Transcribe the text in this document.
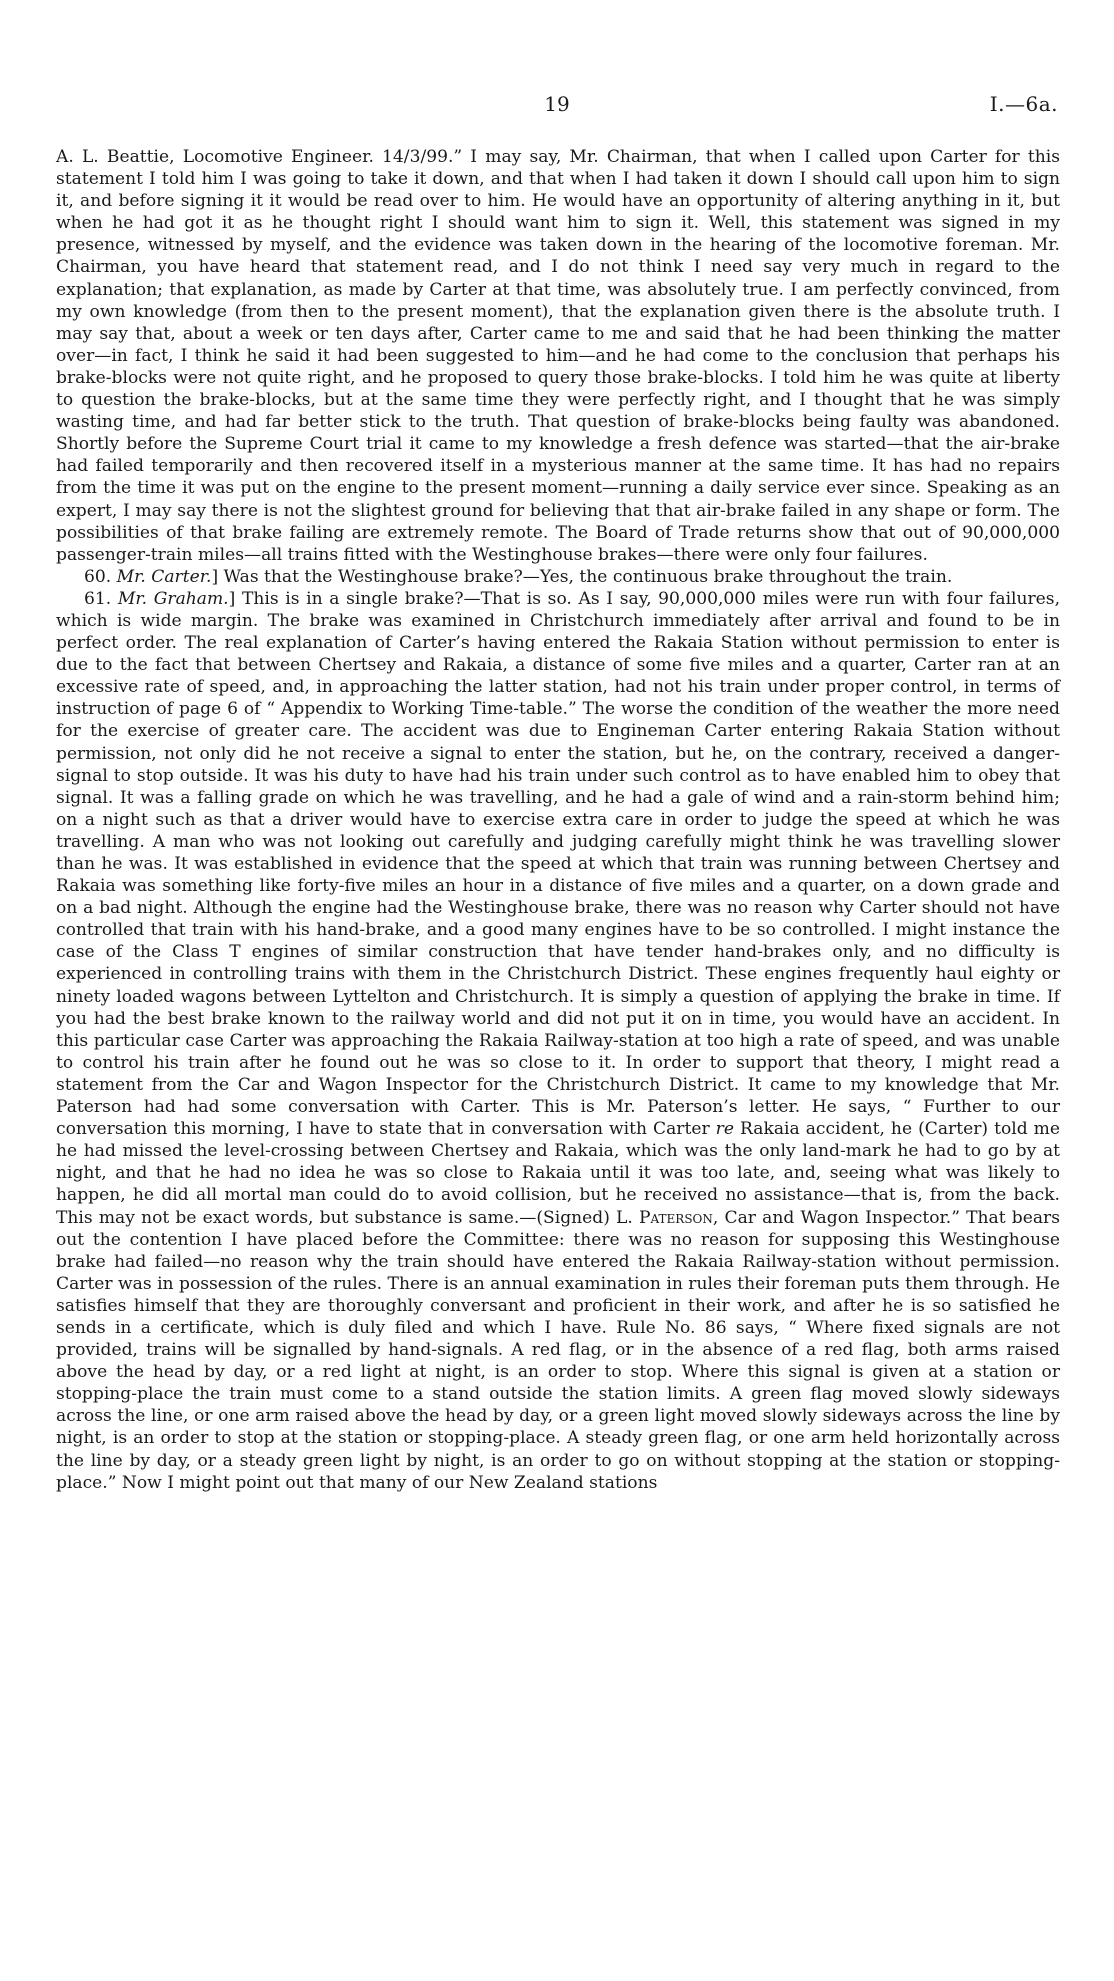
19	I.—6a.

A. L. Beattie, Locomotive Engineer. 14/3/99.” I may say, Mr. Chairman, that when I called upon Carter for this statement I told him I was going to take it down, and that when I had taken it down I should call upon him to sign it, and before signing it it would be read over to him. He would have an opportunity of altering anything in it, but when he had got it as he thought right I should want him to sign it. Well, this statement was signed in my presence, witnessed by myself, and the evidence was taken down in the hearing of the locomotive foreman. Mr. Chairman, you have heard that statement read, and I do not think I need say very much in regard to the explanation; that explanation, as made by Carter at that time, was absolutely true. I am perfectly convinced, from my own knowledge (from then to the present moment), that the explanation given there is the absolute truth. I may say that, about a week or ten days after, Carter came to me and said that he had been thinking the matter over—in fact, I think he said it had been suggested to him—and he had come to the conclusion that perhaps his brake-blocks were not quite right, and he proposed to query those brake-blocks. I told him he was quite at liberty to question the brake-blocks, but at the same time they were perfectly right, and I thought that he was simply wasting time, and had far better stick to the truth. That question of brake-blocks being faulty was abandoned. Shortly before the Supreme Court trial it came to my knowledge a fresh defence was started—that the air-brake had failed temporarily and then recovered itself in a mysterious manner at the same time. It has had no repairs from the time it was put on the engine to the present moment—running a daily service ever since. Speaking as an expert, I may say there is not the slightest ground for believing that that air-brake failed in any shape or form. The possibilities of that brake failing are extremely remote. The Board of Trade returns show that out of 90,000,000 passenger-train miles—all trains fitted with the Westinghouse brakes—there were only four failures.

60. Mr. Carter.] Was that the Westinghouse brake?—Yes, the continuous brake throughout the train.

61. Mr. Graham.] This is in a single brake?—That is so. As I say, 90,000,000 miles were run with four failures, which is wide margin. The brake was examined in Christchurch immediately after arrival and found to be in perfect order. The real explanation of Carter’s having entered the Rakaia Station without permission to enter is due to the fact that between Chertsey and Rakaia, a distance of some five miles and a quarter, Carter ran at an excessive rate of speed, and, in approaching the latter station, had not his train under proper control, in terms of instruction of page 6 of “ Appendix to Working Time-table.” The worse the condition of the weather the more need for the exercise of greater care. The accident was due to Engineman Carter entering Rakaia Station without permission, not only did he not receive a signal to enter the station, but he, on the contrary, received a danger-signal to stop outside. It was his duty to have had his train under such control as to have enabled him to obey that signal. It was a falling grade on which he was travelling, and he had a gale of wind and a rain-storm behind him; on a night such as that a driver would have to exercise extra care in order to judge the speed at which he was travelling. A man who was not looking out carefully and judging carefully might think he was travelling slower than he was. It was established in evidence that the speed at which that train was running between Chertsey and Rakaia was something like forty-five miles an hour in a distance of five miles and a quarter, on a down grade and on a bad night. Although the engine had the Westinghouse brake, there was no reason why Carter should not have controlled that train with his hand-brake, and a good many engines have to be so controlled. I might instance the case of the Class T engines of similar construction that have tender hand-brakes only, and no difficulty is experienced in controlling trains with them in the Christchurch District. These engines frequently haul eighty or ninety loaded wagons between Lyttelton and Christchurch. It is simply a question of applying the brake in time. If you had the best brake known to the railway world and did not put it on in time, you would have an accident. In this particular case Carter was approaching the Rakaia Railway-station at too high a rate of speed, and was unable to control his train after he found out he was so close to it. In order to support that theory, I might read a statement from the Car and Wagon Inspector for the Christchurch District. It came to my knowledge that Mr. Paterson had had some conversation with Carter. This is Mr. Paterson’s letter. He says, “ Further to our conversation this morning, I have to state that in conversation with Carter re Rakaia accident, he (Carter) told me he had missed the level-crossing between Chertsey and Rakaia, which was the only land-mark he had to go by at night, and that he had no idea he was so close to Rakaia until it was too late, and, seeing what was likely to happen, he did all mortal man could do to avoid collision, but he received no assistance—that is, from the back. This may not be exact words, but substance is same.—(Signed) L. Paterson, Car and Wagon Inspector.” That bears out the contention I have placed before the Committee: there was no reason for supposing this Westinghouse brake had failed—no reason why the train should have entered the Rakaia Railway-station without permission. Carter was in possession of the rules. There is an annual examination in rules their foreman puts them through. He satisfies himself that they are thoroughly conversant and proficient in their work, and after he is so satisfied he sends in a certificate, which is duly filed and which I have. Rule No. 86 says, “ Where fixed signals are not provided, trains will be signalled by hand-signals. A red flag, or in the absence of a red flag, both arms raised above the head by day, or a red light at night, is an order to stop. Where this signal is given at a station or stopping-place the train must come to a stand outside the station limits. A green flag moved slowly sideways across the line, or one arm raised above the head by day, or a green light moved slowly sideways across the line by night, is an order to stop at the station or stopping-place. A steady green flag, or one arm held horizontally across the line by day, or a steady green light by night, is an order to go on without stopping at the station or stopping-place.” Now I might point out that many of our New Zealand stations
